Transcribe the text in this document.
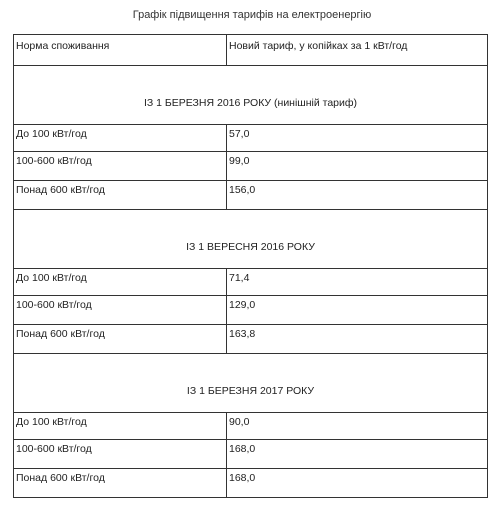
Графік підвищення тарифів на електроенергію
Норма споживання	Новий тариф, у копійках за 1 кВт/год
ІЗ 1 БЕРЕЗНЯ 2016 РОКУ (нинішній тариф)	
До 100 кВт/год	57,0
100-600 кВт/год	99,0
Понад 600 кВт/год	156,0
ІЗ 1 ВЕРЕСНЯ 2016 РОКУ	
До 100 кВт/год	71,4
100-600 кВт/год	129,0
Понад 600 кВт/год	163,8
ІЗ 1 БЕРЕЗНЯ 2017 РОКУ	
До 100 кВт/год	90,0
100-600 кВт/год	168,0
Понад 600 кВт/год	168,0
